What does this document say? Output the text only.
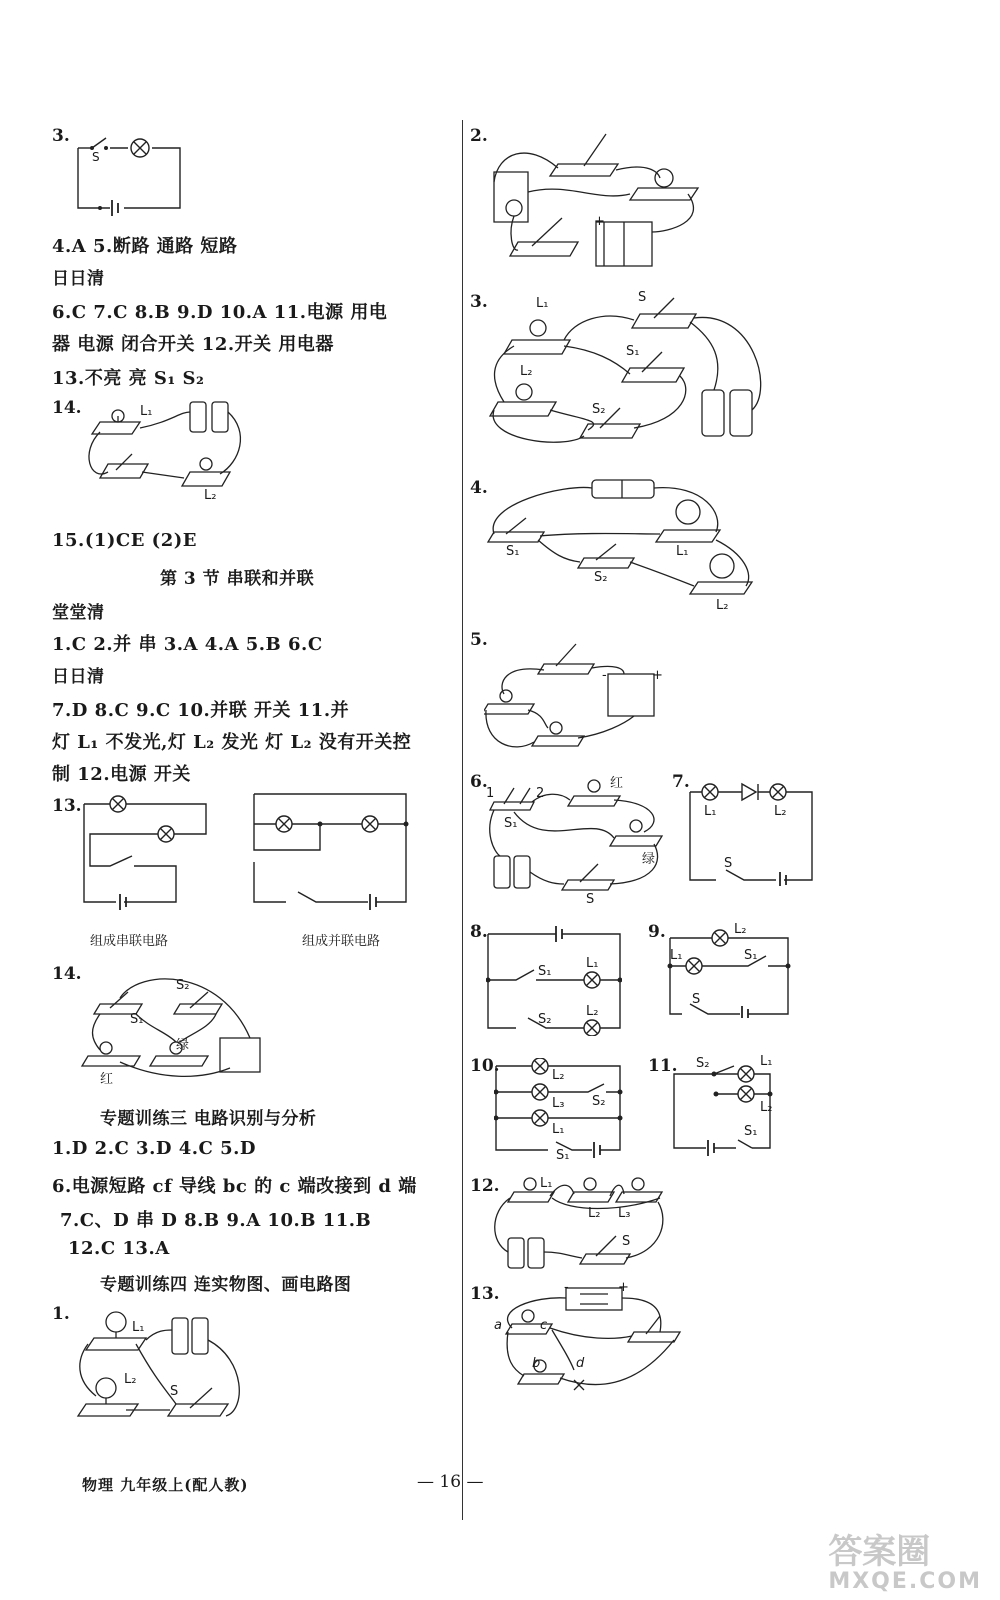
3.
S
4.A 5.断路 通路 短路
日日清
6.C 7.C 8.B 9.D 10.A 11.电源 用电
器 电源 闭合开关 12.开关 用电器
13.不亮 亮 S₁ S₂
14.	L₁
L₂
15.(1)CE (2)E
第 3 节 串联和并联
堂堂清
1.C 2.并 串 3.A 4.A 5.B 6.C
日日清
7.D 8.C 9.C 10.并联 开关 11.并
灯 L₁ 不发光,灯 L₂ 发光 灯 L₂ 没有开关控
制 12.电源 开关
13.
组成串联电路	组成并联电路
14.
S₁
S₂
红
绿
专题训练三 电路识别与分析
1.D 2.C 3.D 4.C 5.D
6.电源短路 cf 导线 bc 的 c 端改接到 d 端
7.C、D 串 D 8.B 9.A 10.B 11.B
12.C 13.A
专题训练四 连实物图、画电路图
1.
L₁
L₂
S
2.
+
3.	L₁
L₂
S
S₁
S₂
4.
S₁	L₁
S₂
L₂
5.
-	+
6.
1	2
S₁
红
绿
S
7.
L₁	L₂
S
8.
S₁
L₁
S₂
L₂
9.	L₂
L₁	S₁
S
10.	L₂
S₂
L₃
L₁
S₁
11. S₂	L₁
L₂
S₁
12.	L₁
L₂ L₃
S
13.	-	+
a	c
b	d
物理 九年级上(配人教)	— 16 —
答案圈
MXQE.COM
